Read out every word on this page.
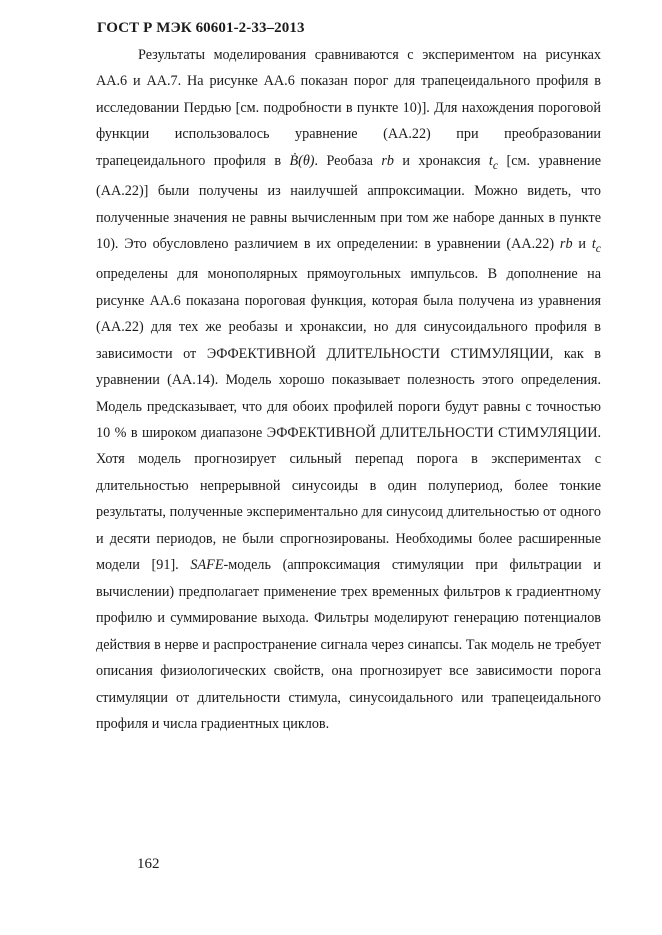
ГОСТ Р МЭК 60601-2-33–2013

Результаты моделирования сравниваются с экспериментом на рисунках АА.6 и АА.7. На рисунке АА.6 показан порог для трапецеидального профиля в исследовании Пердью [см. подробности в пункте 10)]. Для нахождения пороговой функции использовалось уравнение (АА.22) при преобразовании трапецеидального профиля в Ḃ(θ). Реобаза rb и хронаксия $t_c$ [см. уравнение (АА.22)] были получены из наилучшей аппроксимации. Можно видеть, что полученные значения не равны вычисленным при том же наборе данных в пункте 10). Это обусловлено различием в их определении: в уравнении (АА.22) rb и $t_c$ определены для монополярных прямоугольных импульсов. В дополнение на рисунке АА.6 показана пороговая функция, которая была получена из уравнения (АА.22) для тех же реобазы и хронаксии, но для синусоидального профиля в зависимости от ЭФФЕКТИВНОЙ ДЛИТЕЛЬНОСТИ СТИМУЛЯЦИИ, как в уравнении (АА.14). Модель хорошо показывает полезность этого определения. Модель предсказывает, что для обоих профилей пороги будут равны с точностью 10 % в широком диапазоне ЭФФЕКТИВНОЙ ДЛИТЕЛЬНОСТИ СТИМУЛЯЦИИ. Хотя модель прогнозирует сильный перепад порога в экспериментах с длительностью непрерывной синусоиды в один полупериод, более тонкие результаты, полученные экспериментально для синусоид длительностью от одного и десяти периодов, не были спрогнозированы. Необходимы более расширенные модели [91]. SAFE-модель (аппроксимация стимуляции при фильтрации и вычислении) предполагает применение трех временных фильтров к градиентному профилю и суммирование выхода. Фильтры моделируют генерацию потенциалов действия в нерве и распространение сигнала через синапсы. Так модель не требует описания физиологических свойств, она прогнозирует все зависимости порога стимуляции от длительности стимула, синусоидального или трапецеидального профиля и числа градиентных циклов.

162
